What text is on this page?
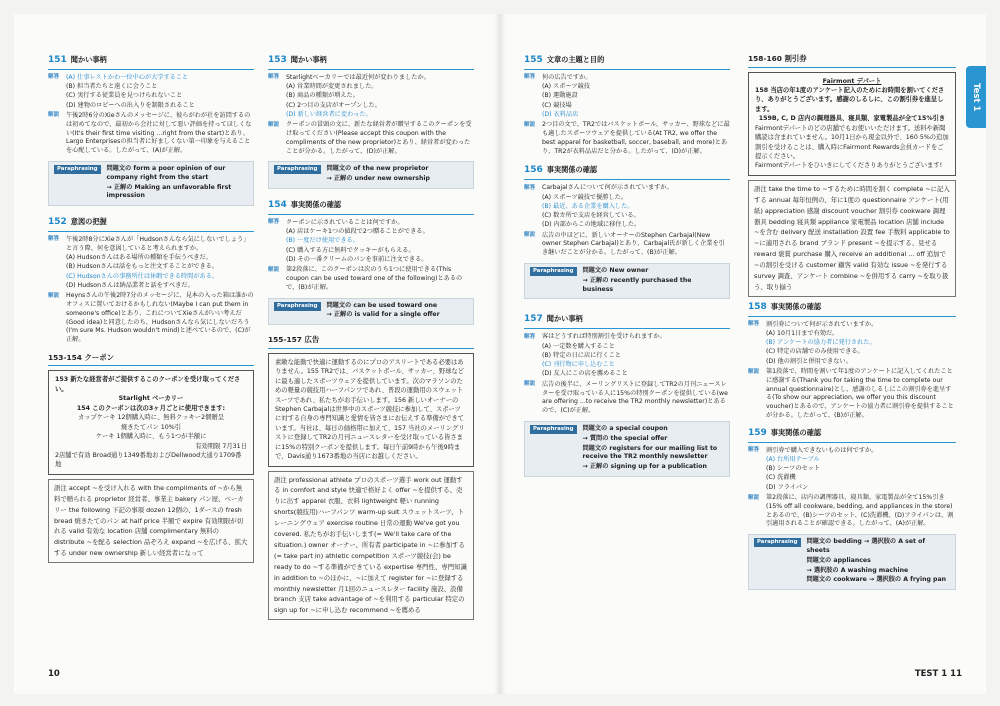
151 聞かい事柄
解答	(A) 仕事レストかわ一位中心が大学すること
(B) 担当者たちと遠くに会うこと
(C) 実行する従業員を見つけられないこと
(D) 建物のロビーへの出入りを制限されること
解説	午後2時6分のXieさんのメッセージに、彼らがわが社を訪問するのは初めてなので、最初から会社に対して悪い評価を持ってほしくない(It's their first time visiting ...right from the start)とあり、Largo Enterprisesの担当者に好ましくない第一印象を与えることを心配している。したがって、(A)が正解。
Paraphrasing	問題文の form a poor opinion of our company right from the start
→ 正解の Making an unfavorable first impression
152 意図の把握
解答	午後2時8分にXieさんが「Hudsonさんなら気にしないでしょう」と言う際、何を意図していると考えられますか。
(A) Hudsonさんはある場所の種類を手伝うべきだ。
(B) Hudsonさんは話をもっと注文することができる。
(C) Hudsonさんの事務所仕は休暇できる時間がある。
(D) Hudsonさんは納品業者と話をすべきだ。
解説	Heynsさんの午後2時7分のメッセージに、見本の入った箱は誰かのオフィスに置いておけるかもしれない(Maybe I can put them in someone's office)とあり、これについてXieさんがいい考えだ(Good idea)と同意したのち、Hudsonさんなら気にしないだろう(I'm sure Ms. Hudson wouldn't mind)と述べているので、(C)が正解。
153-154 クーポン
153 新たな経営者がご提供するこのクーポンを受け取ってください。
Starlight ベーカリー
154 このクーポンは次の3ヶ月ごとに使用できます:
カップケーキ 12個購入時に、無料クッキー2個贈呈
焼きたてパン 10%引
ケーキ 1個購入時に、もう1つが半額に
有効期限 7月31日
2店舗で有効 Broad通り1349番地およびDellwood大通り1709番地
語注 accept ~を受け入れる with the compliments of ~から無料で贈られる proprietor 経営者、事業主 bakery パン屋、ベーカリー the following 下記の事項 dozen 12個の、1ダースの fresh bread 焼きたてのパン at half price 半額で expire 有効期限が切れる valid 有効な location 店舗 complimentary 無料の distribute ~を配る selection 品ぞろえ expand ~を広げる、拡大する under new ownership 新しい経営者になって
153 聞かい事柄
解答	Starlightベーカリーでは最近何が変わりましたか。
(A) 営業時間が変更されました。
(B) 商品の種類が増えた。
(C) 2つ目の支店がオープンした。
(D) 新しい経営者に変わった。
解説	クーポンの冒頭の文に、新たな経営者が贈呈するこのクーポンを受け取ってください(Please accept this coupon with the compliments of the new proprietor)とあり、経営者が変わったことが分かる。したがって、(D)が正解。
Paraphrasing	問題文の of the new proprietor
→ 正解の under new ownership
154 事実関係の確認
解答	クーポンに示されていることは何ですか。
(A) 店はケーキ1つの値段で2つ贈ることができる。
(B) 一度だけ使用できる。
(C) 購入する方に無料でクッキーがもらえる。
(D) その一番クリームのパンを事前に注文できる。
解説	第2段落に、このクーポンは次のうち1つに使用できる(This coupon can be used toward one of the following)とあるので、(B)が正解。
Paraphrasing	問題文の can be used toward one
→ 正解の is valid for a single offer
155-157 広告
素敵な能動で快適に運動するのにプロのアスリートである必要はありません。155 TR2では、バスケットボール、サッカー、野球などに最も適したスポーツウェアを提供しています。次のマラソンのための軽量の競技用ハーフパンツであれ、普段の運動用のスウェットスーツであれ、私たちがお手伝いします。156 新しいオーナーのStephen Carbajalは世界中のスポーツ競技に参加して、スポーツに対する自身の専門知識と愛情を皆さまにお伝えする準備ができています。当社は、毎日の価格帯に加えて、157 当社のメーリングリストに登録してTR2の月刊ニュースレターを受け取っている皆さまに15%の特別クーポンを提供します。毎日午前9時から午後9時まで、Davis通り1673番地の当店にお越しください。
語注 professional athlete プロのスポーツ選手 work out 運動する in comfort and style 快適で格好よく offer ~を提供する、売りに出す apparel 衣服、衣料 lightweight 軽い running shorts(競技用)ハーフパンツ warm-up suit スウェットスーツ、トレーニングウェア exercise routine 日常の運動 We've got you covered. 私たちがお手伝いします(= We'll take care of the situation.) owner オーナー、所有者 participate in ~に参加する(= take part in) athletic competition スポーツ競技(会) be ready to do ~する準備ができている expertise 専門性、専門知識 in addition to ~のほかに、~に加えて register for ~に登録する monthly newsletter 月1回のニュースレター facility 施設、設備 branch 支店 take advantage of ~を利用する particular 特定の sign up for ~に申し込む recommend ~を薦める
10
155 文章の主題と目的
解答	何の広告ですか。
(A) スポーツ競技
(B) 運動施設
(C) 競技場
(D) 衣料品店
解説	2つ目の文で、TR2ではバスケットボール、サッカー、野球などに最も適したスポーツウェアを提供している(At TR2, we offer the best apparel for basketball, soccer, baseball, and more)とあり、TR2が衣料品店だと分かる。したがって、(D)が正解。
156 事実関係の確認
解答	Carbajalさんについて何が示されていますか。
(A) スポーツ競技で優勝した。
(B) 最近、ある企業を購入した。
(C) 数カ所で支店を経営している。
(D) 内部からこの地域に移住した。
解説	広告の中ほどに、新しいオーナーのStephen Carbajal(New owner Stephen Carbajal)とあり、Carbajal氏が新しく企業を引き継いだことが分かる。したがって、(B)が正解。
Paraphrasing	問題文の New owner
→ 正解の recently purchased the business
157 聞かい事柄
解答	客はどうすれば特別割引を受けられますか。
(A) 一定数を購入すること
(B) 特定の日に店に行くこと
(C) 刊行物に申し込むこと
(D) 友人にこの店を薦めること
解説	広告の後半に、メーリングリストに登録してTR2の月刊ニュースレターを受け取っている人に15%の特別クーポンを提供している(we are offering ...to receive the TR2 monthly newsletter)とあるので、(C)が正解。
Paraphrasing	問題文の a special coupon
→ 質問の the special offer
問題文の registers for our mailing list to receive the TR2 monthly newsletter
→ 正解の signing up for a publication
158-160 割引券
Fairmont デパート
158 当店の年1度のアンケート記入のためにお時間を割いてくださり、ありがとうございます。感謝のしるしに、この割引券を進呈します。
159B, C, D 店内の調理器具、寝具類、家電製品が全て15%引き
Fairmontデパートのどの店舗でもお使いいただけます。送料や新聞購読は含まれていません。10月1日から現金以外で、160 5%の追加割引を受けることは、購入時にFairmont Rewards会員カードをご提示ください。
Fairmontデパートをひいきにしてくださりありがとうございます!
語注 take the time to ~するために時間を割く complete ~に記入する annual 毎年恒例の、年に1度の questionnaire アンケート(用紙) appreciation 感謝 discount voucher 割引券 cookware 調理器具 bedding 寝具類 appliance 家電製品 location 店舗 include ~を含む delivery 配送 installation 設置 fee 手数料 applicable to ~に適用される brand ブランド present ~を提示する、見せる reward 褒賞 purchase 購入 receive an additional ... off 追加で~の割引を受ける customer 顧客 valid 有効な issue ~を発行する survey 調査、アンケート combine ~を併用する carry ~を取り扱う、取り揃う
158 事実関係の確認
解答	割引券について何が示されていますか。
(A) 10月1日まで有効だ。
(B) アンケートの協力者に発行された。
(C) 特定の店舗でのみ使用できる。
(D) 他の割引と併用できない。
解説	第1段落で、時間を割いて年1度のアンケートに記入してくれたことに感謝する(Thank you for taking the time to complete our annual questionnaire)とし、感謝のしるしにこの割引券を進呈する(To show our appreciation, we offer you this discount voucher)とあるので、アンケートの協力者に割引券を提供することが分かる。したがって、(B)が正解。
159 事実関係の確認
解答	割引券で購入できないものは何ですか。
(A) 台所用テーブル
(B) シーツのセット
(C) 洗濯機
(D) フライパン
解説	第2段落に、店内の調理器具、寝具類、家電製品が全て15%引き(15% off all cookware, bedding, and appliances in the store)とあるので、(B)シーツのセット、(C)洗濯機、(D)フライパンは、割引適用されることが確認できる。したがって、(A)が正解。
Paraphrasing	問題文の bedding → 選択肢の A set of sheets
問題文の appliances
→ 選択肢の A washing machine
問題文の cookware → 選択肢の A frying pan
Test 1
TEST 1 11
